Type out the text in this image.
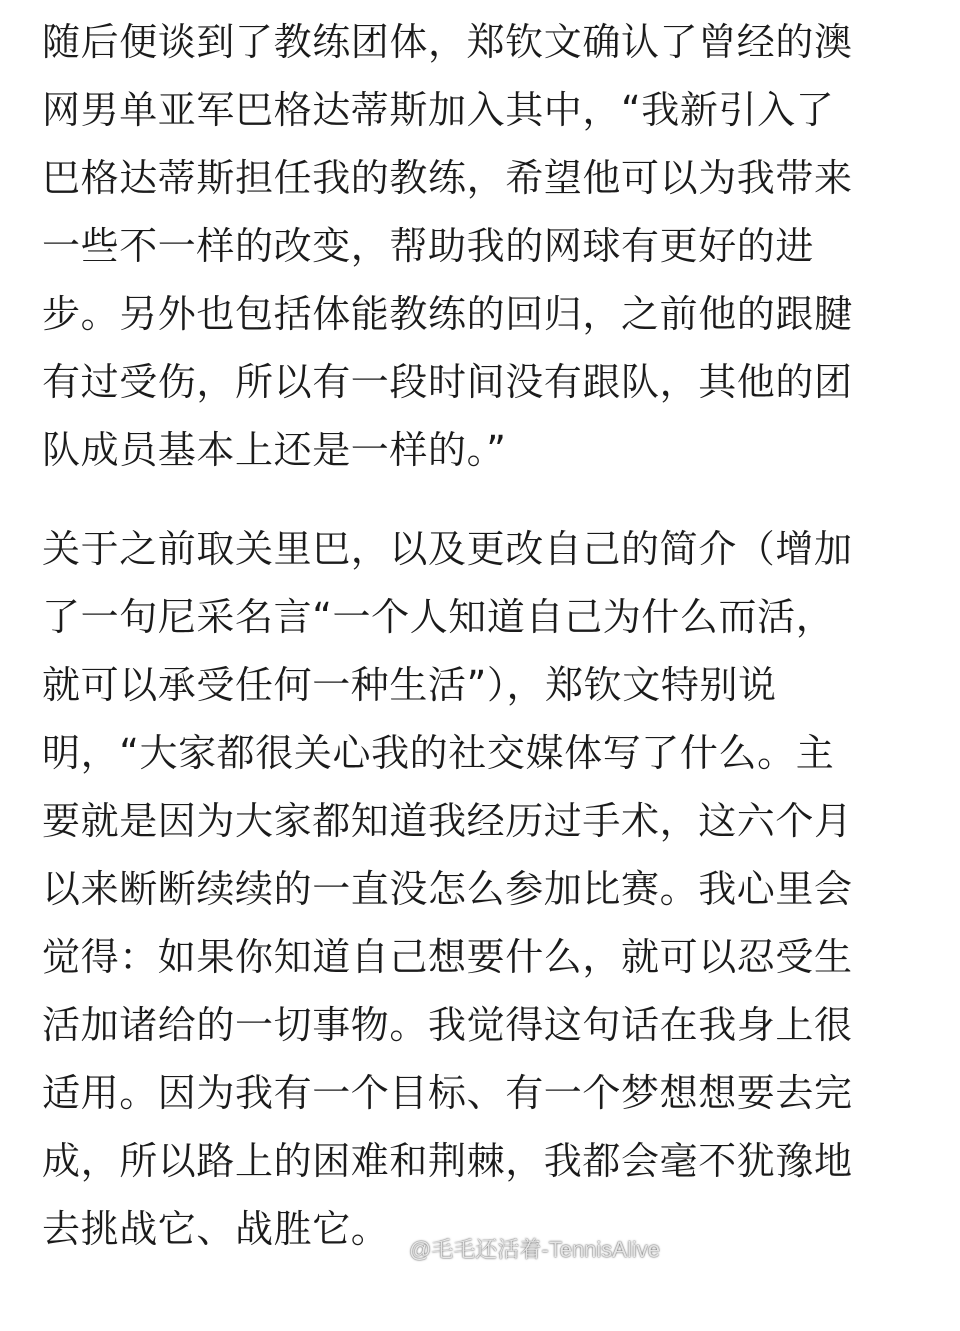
随后便谈到了教练团体，郑钦文确认了曾经的澳
网男单亚军巴格达蒂斯加入其中，“我新引入了
巴格达蒂斯担任我的教练，希望他可以为我带来
一些不一样的改变，帮助我的网球有更好的进
步。另外也包括体能教练的回归，之前他的跟腱
有过受伤，所以有一段时间没有跟队，其他的团
队成员基本上还是一样的。”
关于之前取关里巴，以及更改自己的简介（增加
了一句尼采名言“一个人知道自己为什么而活，
就可以承受任何一种生活”），郑钦文特别说
明，“大家都很关心我的社交媒体写了什么。主
要就是因为大家都知道我经历过手术，这六个月
以来断断续续的一直没怎么参加比赛。我心里会
觉得：如果你知道自己想要什么，就可以忍受生
活加诸给的一切事物。我觉得这句话在我身上很
适用。因为我有一个目标、有一个梦想想要去完
成，所以路上的困难和荆棘，我都会毫不犹豫地
去挑战它、战胜它。 @毛毛还活着-TennisAlive
